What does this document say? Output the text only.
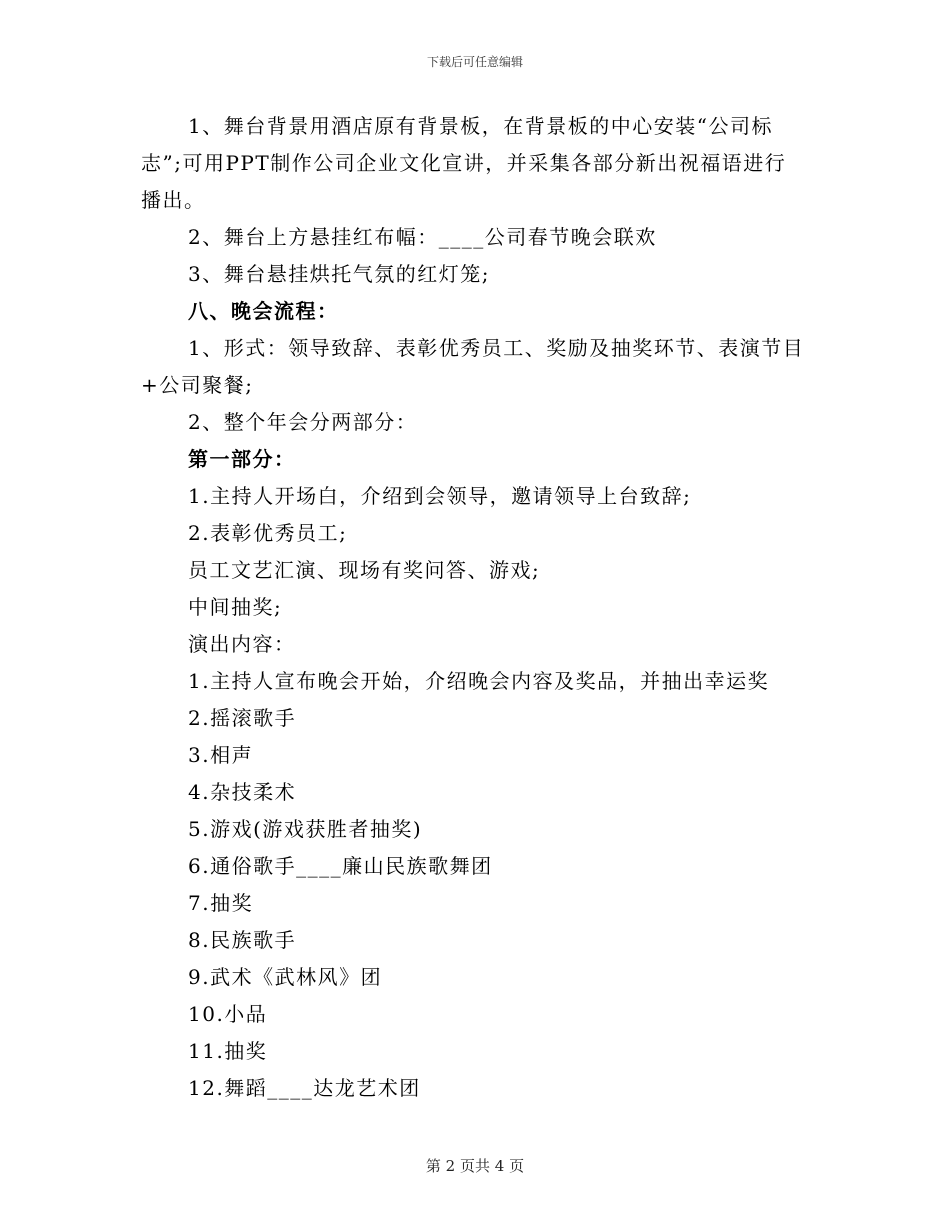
下载后可任意编辑
1、舞台背景用酒店原有背景板，在背景板的中心安装“公司标
志”;可用PPT制作公司企业文化宣讲，并采集各部分新出祝福语进行
播出。
2、舞台上方悬挂红布幅：____公司春节晚会联欢
3、舞台悬挂烘托气氛的红灯笼;
八、晚会流程：
1、形式：领导致辞、表彰优秀员工、奖励及抽奖环节、表演节目
+公司聚餐;
2、整个年会分两部分：
第一部分：
1.主持人开场白，介绍到会领导，邀请领导上台致辞;
2.表彰优秀员工;
员工文艺汇演、现场有奖问答、游戏;
中间抽奖;
演出内容：
1.主持人宣布晚会开始，介绍晚会内容及奖品，并抽出幸运奖
2.摇滚歌手
3.相声
4.杂技柔术
5.游戏(游戏获胜者抽奖)
6.通俗歌手____廉山民族歌舞团
7.抽奖
8.民族歌手
9.武术《武林风》团
10.小品
11.抽奖
12.舞蹈____达龙艺术团
第 2 页共 4 页
